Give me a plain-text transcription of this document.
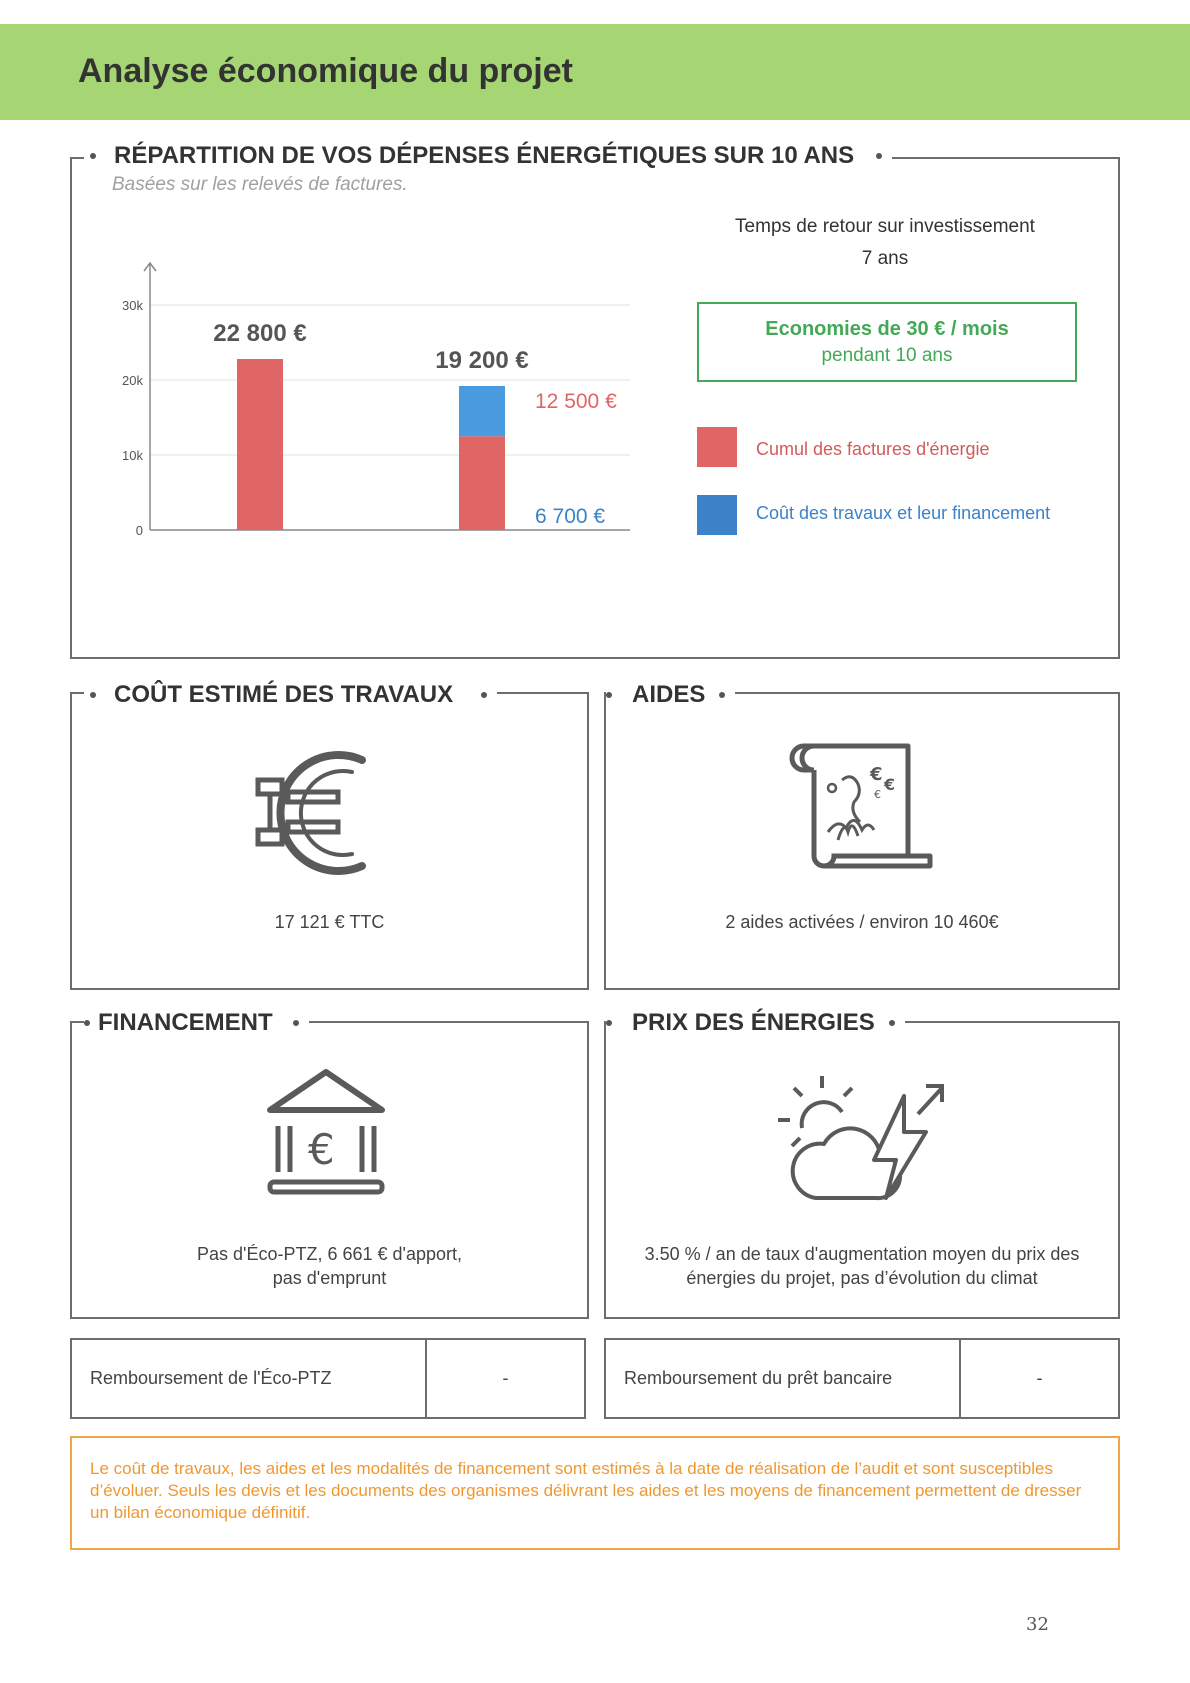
Analyse économique du projet
RÉPARTITION DE VOS DÉPENSES ÉNERGÉTIQUES SUR 10 ANS
Basées sur les relevés de factures.
0
10k
20k
30k
22 800 €
19 200 €
12 500 €
6 700 €
Temps de retour sur investissement
7 ans
Economies de 30 € / mois
pendant 10 ans
Cumul des factures d'énergie
Coût des travaux et leur financement
COÛT ESTIMÉ DES TRAVAUX
17 121 € TTC
AIDES
€ €
€
2 aides activées / environ 10 460€
FINANCEMENT
€
Pas d'Éco-PTZ, 6 661 € d'apport,
pas d'emprunt
PRIX DES ÉNERGIES
3.50 % / an de taux d'augmentation moyen du prix des
énergies du projet, pas d’évolution du climat
Remboursement de l'Éco-PTZ	-	Remboursement du prêt bancaire	-
Le coût de travaux, les aides et les modalités de financement sont estimés à la date de réalisation de l’audit et sont susceptibles d’évoluer. Seuls les devis et les documents des organismes délivrant les aides et les moyens de financement permettent de dresser un bilan économique définitif.
32
